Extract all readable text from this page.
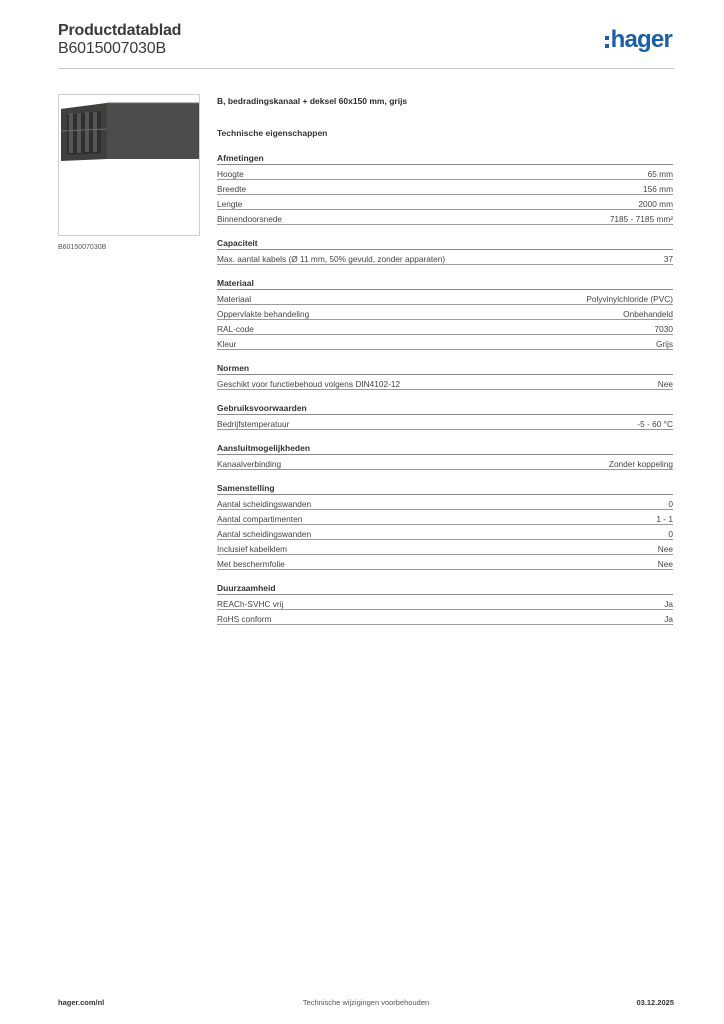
Productdatablad
B6015007030B	hager
B6015007030B
B, bedradingskanaal + deksel 60x150 mm, grijs
Technische eigenschappen
Afmetingen
Hoogte	65 mm
Breedte	156 mm
Lengte	2000 mm
Binnendoorsnede	7185 - 7185 mm²
Capaciteit
Max. aantal kabels (Ø 11 mm, 50% gevuld, zonder apparaten)	37
Materiaal
Materiaal	Polyvinylchloride (PVC)
Oppervlakte behandeling	Onbehandeld
RAL-code	7030
Kleur	Grijs
Normen
Geschikt voor functiebehoud volgens DIN4102-12	Nee
Gebruiksvoorwaarden
Bedrijfstemperatuur	-5 - 60 °C
Aansluitmogelijkheden
Kanaalverbinding	Zonder koppeling
Samenstelling
Aantal scheidingswanden	0
Aantal compartimenten	1 - 1
Aantal scheidingswanden	0
Inclusief kabelklem	Nee
Met beschermfolie	Nee
Duurzaamheid
REACh-SVHC vrij	Ja
RoHS conform	Ja
hager.com/nl	Technische wijzigingen voorbehouden	03.12.2025
